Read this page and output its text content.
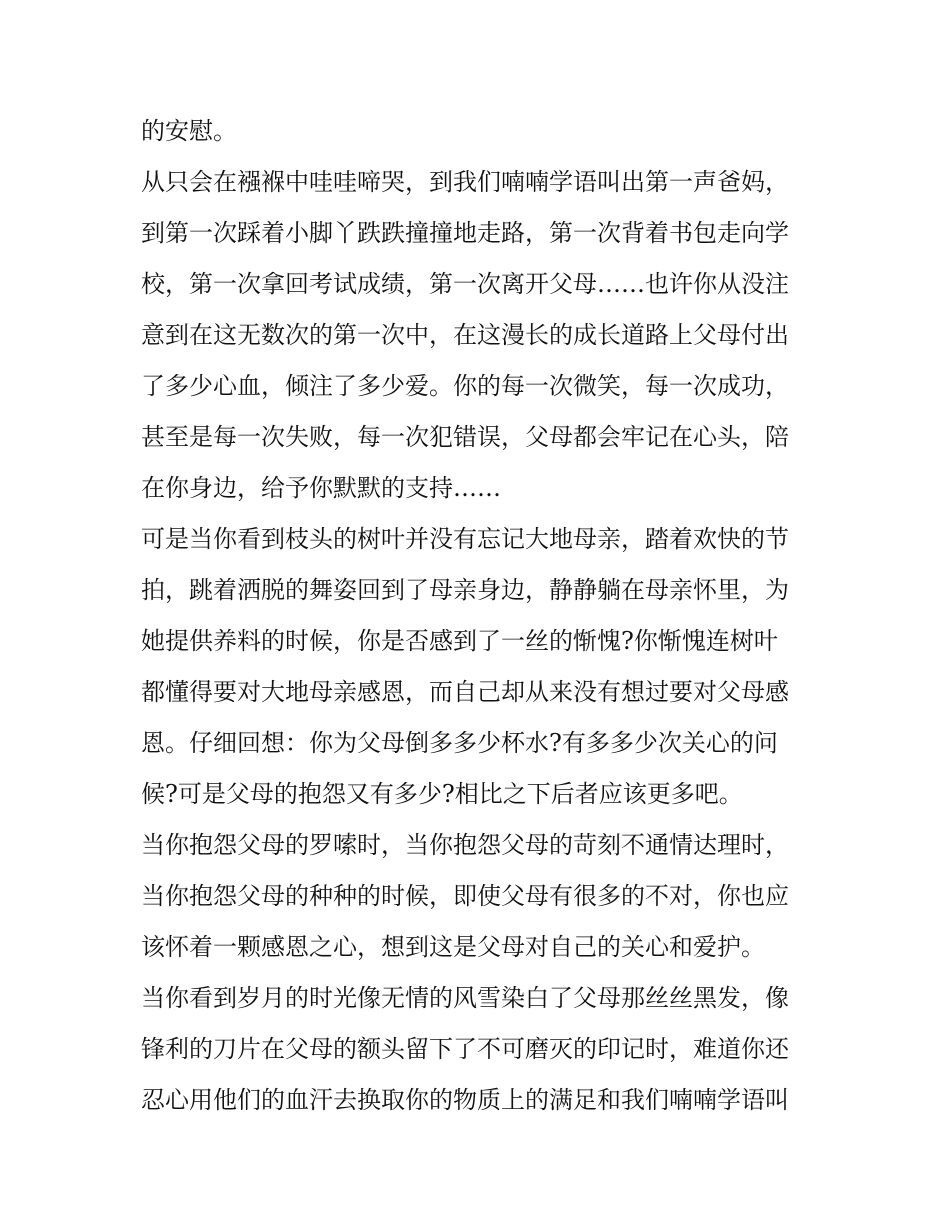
的安慰。
从只会在襁褓中哇哇啼哭，到我们喃喃学语叫出第一声爸妈，
到第一次踩着小脚丫跌跌撞撞地走路，第一次背着书包走向学
校，第一次拿回考试成绩，第一次离开父母……也许你从没注
意到在这无数次的第一次中，在这漫长的成长道路上父母付出
了多少心血，倾注了多少爱。你的每一次微笑，每一次成功，
甚至是每一次失败，每一次犯错误，父母都会牢记在心头，陪
在你身边，给予你默默的支持……
可是当你看到枝头的树叶并没有忘记大地母亲，踏着欢快的节
拍，跳着洒脱的舞姿回到了母亲身边，静静躺在母亲怀里，为
她提供养料的时候，你是否感到了一丝的惭愧?你惭愧连树叶
都懂得要对大地母亲感恩，而自己却从来没有想过要对父母感
恩。仔细回想：你为父母倒多多少杯水?有多多少次关心的问
候?可是父母的抱怨又有多少?相比之下后者应该更多吧。
当你抱怨父母的罗嗦时，当你抱怨父母的苛刻不通情达理时，
当你抱怨父母的种种的时候，即使父母有很多的不对，你也应
该怀着一颗感恩之心，想到这是父母对自己的关心和爱护。
当你看到岁月的时光像无情的风雪染白了父母那丝丝黑发，像
锋利的刀片在父母的额头留下了不可磨灭的印记时，难道你还
忍心用他们的血汗去换取你的物质上的满足和我们喃喃学语叫
